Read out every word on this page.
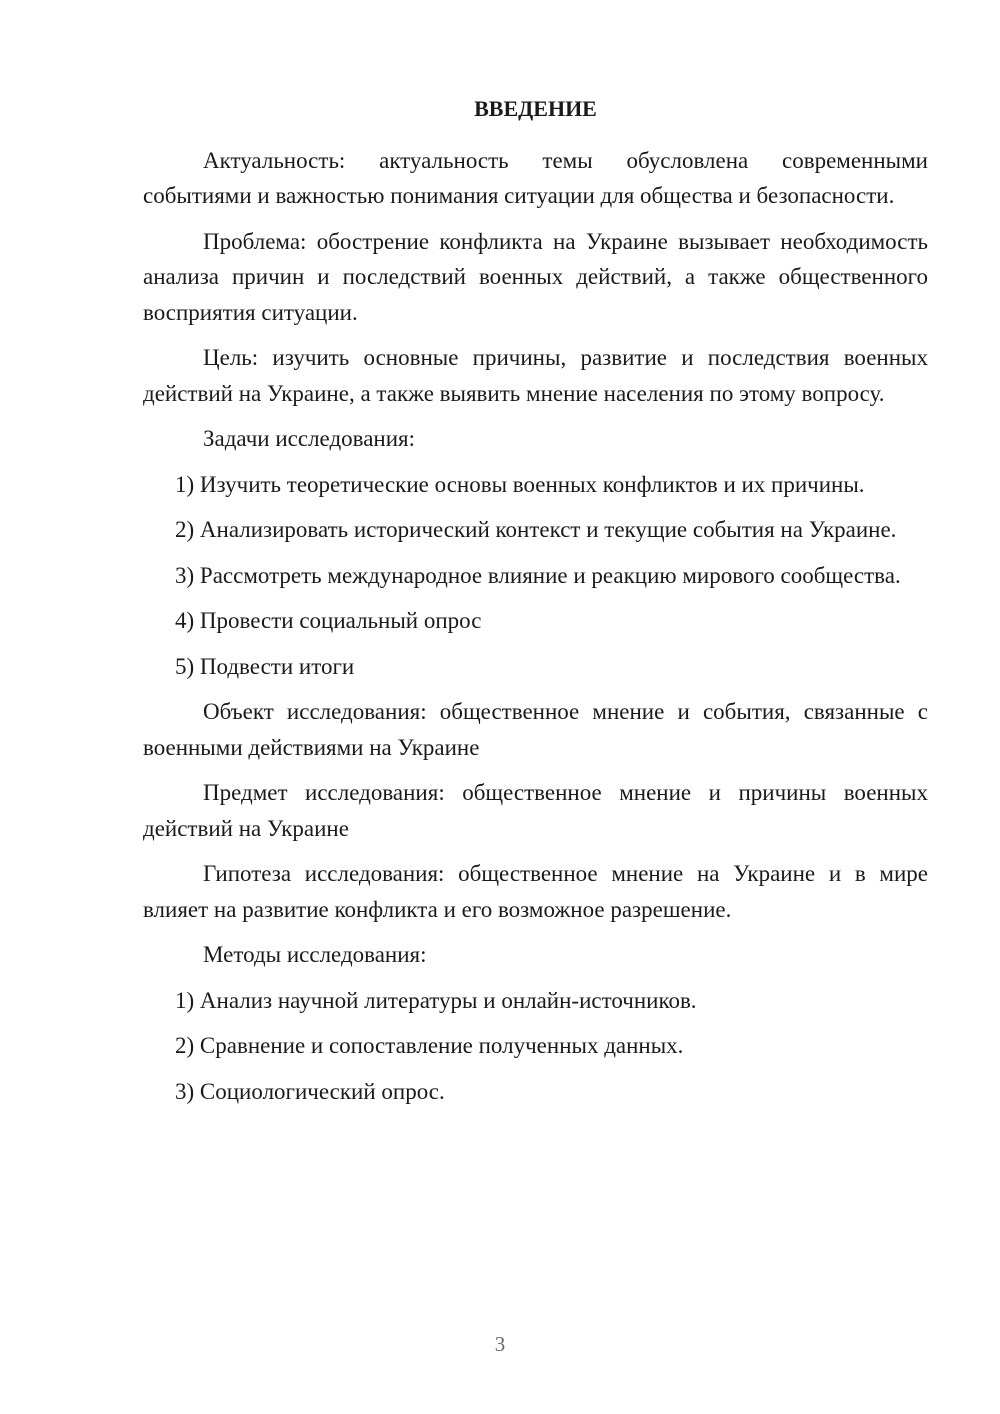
ВВЕДЕНИЕ

Актуальность: актуальность темы обусловлена современными событиями и важностью понимания ситуации для общества и безопасности.

Проблема: обострение конфликта на Украине вызывает необходимость анализа причин и последствий военных действий, а также общественного восприятия ситуации.

Цель: изучить основные причины, развитие и последствия военных действий на Украине, а также выявить мнение населения по этому вопросу.

Задачи исследования:

1) Изучить теоретические основы военных конфликтов и их причины.

2) Анализировать исторический контекст и текущие события на Украине.

3) Рассмотреть международное влияние и реакцию мирового сообщества.

4) Провести социальный опрос

5) Подвести итоги

Объект исследования: общественное мнение и события, связанные с военными действиями на Украине

Предмет исследования: общественное мнение и причины военных действий на Украине

Гипотеза исследования: общественное мнение на Украине и в мире влияет на развитие конфликта и его возможное разрешение.

Методы исследования:

1) Анализ научной литературы и онлайн-источников.

2) Сравнение и сопоставление полученных данных.

3) Социологический опрос.

3
